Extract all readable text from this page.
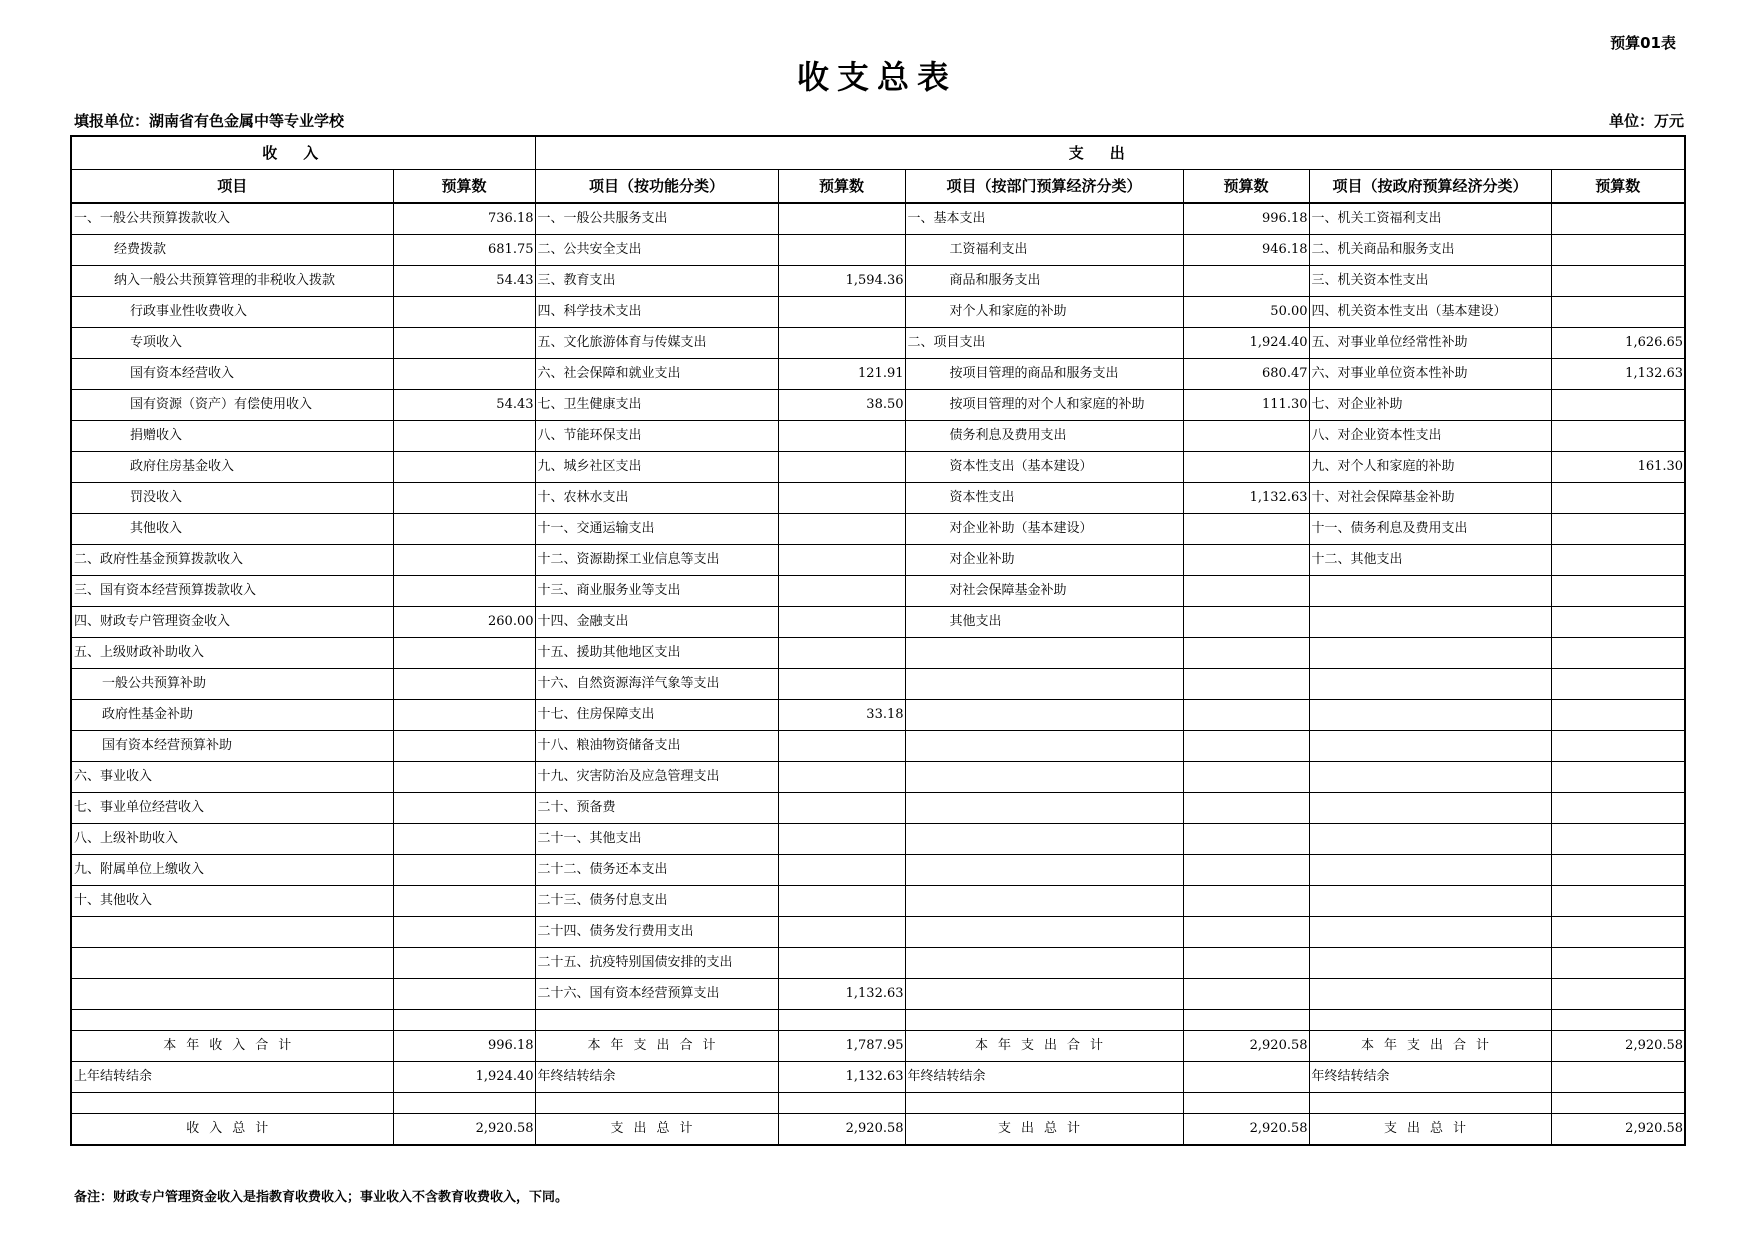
预算01表
收支总表
填报单位：湖南省有色金属中等专业学校	单位：万元
收入		支出					
项目	预算数	项目（按功能分类）	预算数	项目（按部门预算经济分类）	预算数	项目（按政府预算经济分类）	预算数
一、一般公共预算拨款收入	736.18	一、一般公共服务支出		一、基本支出	996.18	一、机关工资福利支出	
经费拨款	681.75	二、公共安全支出		工资福利支出	946.18	二、机关商品和服务支出	
纳入一般公共预算管理的非税收入拨款	54.43	三、教育支出	1,594.36	商品和服务支出		三、机关资本性支出	
行政事业性收费收入		四、科学技术支出		对个人和家庭的补助	50.00	四、机关资本性支出（基本建设）	
专项收入		五、文化旅游体育与传媒支出		二、项目支出	1,924.40	五、对事业单位经常性补助	1,626.65
国有资本经营收入		六、社会保障和就业支出	121.91	按项目管理的商品和服务支出	680.47	六、对事业单位资本性补助	1,132.63
国有资源（资产）有偿使用收入	54.43	七、卫生健康支出	38.50	按项目管理的对个人和家庭的补助	111.30	七、对企业补助	
捐赠收入		八、节能环保支出		债务利息及费用支出		八、对企业资本性支出	
政府住房基金收入		九、城乡社区支出		资本性支出（基本建设）		九、对个人和家庭的补助	161.30
罚没收入		十、农林水支出		资本性支出	1,132.63	十、对社会保障基金补助	
其他收入		十一、交通运输支出		对企业补助（基本建设）		十一、债务利息及费用支出	
二、政府性基金预算拨款收入		十二、资源勘探工业信息等支出		对企业补助		十二、其他支出	
三、国有资本经营预算拨款收入		十三、商业服务业等支出		对社会保障基金补助			
四、财政专户管理资金收入	260.00	十四、金融支出		其他支出			
五、上级财政补助收入		十五、援助其他地区支出					
一般公共预算补助		十六、自然资源海洋气象等支出					
政府性基金补助		十七、住房保障支出	33.18				
国有资本经营预算补助		十八、粮油物资储备支出					
六、事业收入		十九、灾害防治及应急管理支出					
七、事业单位经营收入		二十、预备费					
八、上级补助收入		二十一、其他支出					
九、附属单位上缴收入		二十二、债务还本支出					
十、其他收入		二十三、债务付息支出					
		二十四、债务发行费用支出					
		二十五、抗疫特别国债安排的支出					
		二十六、国有资本经营预算支出	1,132.63				

本年收入合计	996.18	本年支出合计	1,787.95	本年支出合计	2,920.58	本年支出合计	2,920.58
上年结转结余	1,924.40	年终结转结余	1,132.63	年终结转结余		年终结转结余	

收入总计	2,920.58	支出总计	2,920.58	支出总计	2,920.58	支出总计	2,920.58
备注：财政专户管理资金收入是指教育收费收入；事业收入不含教育收费收入，下同。
